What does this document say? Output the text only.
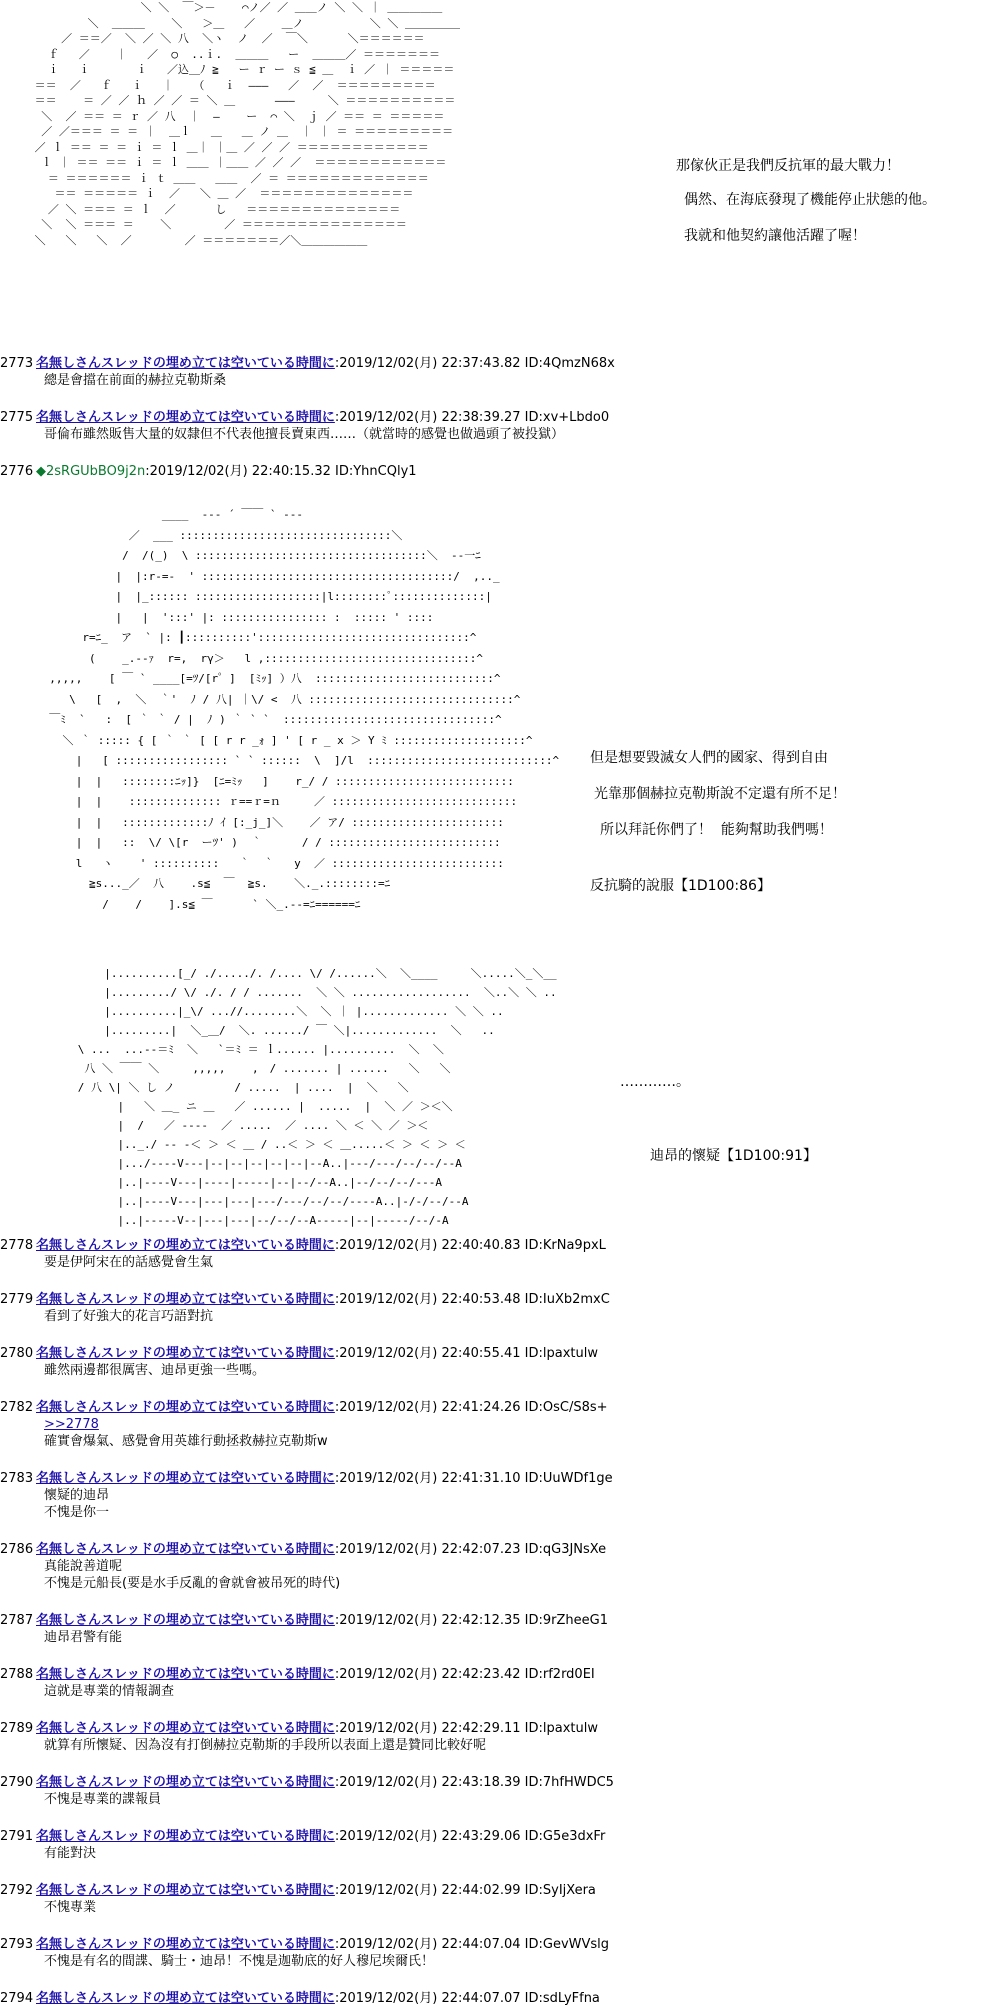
＼ ＼  ￣＞－    ⌒ノ／ ／ ＿＿ノ ＼ ＼ ｜ ＿＿＿＿＿
＼  ＿＿＿    ＼   ＞＿   ／    ＿ノ          ＼ ＼ ＿＿＿＿＿
／ ＝＝／  ＼ ／ ＼ 八  ＼ヽ  ノ  ／  ￣＼      ＼＝＝＝＝＝＝
ｆ   ／    ｜   ／  ○  ..ｉ.  ＿＿＿   ー  ＿＿＿／ ＝＝＝＝＝＝＝
ｉ   ｉ       ｉ   ／込＿ﾉ ≧   ー ｒ ー ｓ ≦ ＿  ｉ ／ ｜ ＝＝＝＝＝
＝＝  ／   ｆ   ｉ   ｜   （   ｉ  ―――   ／  ／  ＝＝＝＝＝＝＝＝＝
＝＝    ＝ ／ ／ ｈ ／ ／ ＝ ＼ ＿      ―――     ＼ ＝＝＝＝＝＝＝＝＝＝
＼  ／ ＝＝ ＝ ｒ ／ 八  ｜  ―    ー  ⌒ ＼  ｊ ／ ＝＝ ＝ ＝＝＝＝＝
／ ／＝＝＝ ＝ ＝ ｜  ＿ｌ   ＿   ＿ ノ ＿  ｜ ｜ ＝ ＝＝＝＝＝＝＝＝＝
／ ｌ ＝＝ ＝ ＝ ｉ ＝ ｌ ＿｜ ｜＿ ／ ／ ／ ＝＝＝＝＝＝＝＝＝＝＝＝
ｌ ｜ ＝＝ ＝＝ ｉ ＝ ｌ ＿＿ ｜＿＿ ／ ／ ／  ＝＝＝＝＝＝＝＝＝＝＝＝
＝ ＝＝＝＝＝＝ ｉ ｔ ＿＿   ＿＿  ／ ＝ ＝＝＝＝＝＝＝＝＝＝＝＝＝
＝＝ ＝＝＝＝＝ ｉ  ／   ＼ ＿ ／  ＝＝＝＝＝＝＝＝＝＝＝＝＝＝
／ ＼ ＝＝＝ ＝ ｌ  ／      し   ＝＝＝＝＝＝＝＝＝＝＝＝＝＝
＼  ＼ ＝＝＝ ＝    ＼        ／ ＝＝＝＝＝＝＝＝＝＝＝＝＝＝＝
＼   ＼   ＼  ／        ／ ＝＝＝＝＝＝＝／＼＿＿＿＿＿＿
那傢伙正是我們反抗軍的最大戰力！
偶然、在海底發現了機能停止狀態的他。
我就和他契約讓他活躍了喔！
2773 名無しさんスレッドの埋め立ては空いている時間に:2019/12/02(月) 22:37:43.82 ID:4QmzN68x
總是會擋在前面的赫拉克勒斯桑
2775 名無しさんスレッドの埋め立ては空いている時間に:2019/12/02(月) 22:38:39.27 ID:xv+Lbdo0
哥倫布雖然販售大量的奴隸但不代表他擅長賣東西……（就當時的感覺也做過頭了被投獄）
2776 ◆2sRGUbBO9j2n:2019/12/02(月) 22:40:15.32 ID:YhnCQly1
____  --- ´ ￣￣ ` ---
／  ___ ::::::::::::::::::::::::::::::::＼
/  /(_)  \ :::::::::::::::::::::::::::::::::::＼  --一ﾆ
|  |:r-=-  ' ::::::::::::::::::::::::::::::::::::::/  ,.._
|  |_:::::: :::::::::::::::::::|l::::::::ﾟ::::::::::::::|
|   |  ':::' |: :::::::::::::::: :  ::::: ' ::::
r=ﾆ_  ア  ` |: ┃::::::::::'::::::::::::::::::::::::::::::::^
(    _.--ｧ  r=,  rγ＞   l ,::::::::::::::::::::::::::::::::^
,,,,,    [ ￣ ` ____[=ﾂ/[r゜]  [ﾐｯ] ）八  :::::::::::::::::::::::::::^
\   [  ,  ＼  ｀'  ﾉ / 八| ｜\/ <  八 :::::::::::::::::::::::::::::::^
￣ﾐ  `   :  [ ｀ ｀ / |  ﾉ ) ｀ ` `  ::::::::::::::::::::::::::::::::^
＼ ｀ ::::: { [ ｀ ｀ [ [ r r _ｫ ] ' [ r _ x ＞ Y ﾐ ::::::::::::::::::::^
|   [ ::::::::::::::::: ` ` ::::::  \  ]/l  ::::::::::::::::::::::::::::^
|  |   ::::::::ﾆｯ]}  [ﾆ=ﾐｯ   ]    r_/ / :::::::::::::::::::::::::::
|  |    :::::::::::::: ｒ==ｒ=ｎ     ／ ::::::::::::::::::::::::::::
|  |   :::::::::::::ﾉ ｲ [:_j_]＼    ／ ア/ :::::::::::::::::::::::
|  |   ::  \/ \[r  ーﾂ' )  ｀      / / ::::::::::::::::::::::::::
l   ヽ    ' ::::::::::   ｀  ｀   y  ／ ::::::::::::::::::::::::::
≧s..._／  八    .s≦  ￣  ≧s.    ＼._.::::::::=ﾆ
/    /    ].s≦ ￣      ` ＼_.--=ﾆ======ﾆ
但是想要毀滅女人們的國家、得到自由
光靠那個赫拉克勒斯說不定還有所不足！
所以拜託你們了！  能夠幫助我們嗎！
反抗騎的說服【1D100:86】
|..........[_/ ./...../. /.... \/ /......＼  ＼____     ＼.....＼_＼__
|........./ \/ ./. / / .......  ＼ ＼ ..................  ＼..＼ ＼ ..
|..........|_\/ ...//........＼  ＼ ｜ |............. ＼ ＼ ..
|.........|  ＼_＿/  ＼. ....../ ￣ ＼|.............  ＼   ..
\ ...  ...--＝ﾐ  ＼   `＝ﾐ ＝ ｌ...... |..........  ＼  ＼
八 ＼ ￣￣ ＼     ,,,,,    ,　/ ....... | ......   ＼   ＼
/ 八 \| ＼ し ノ         / .....  | ....  |  ＼   ＼
|   ＼ ＿_ ニ ＿   ／ ...... |  .....  |  ＼ ／ ＞＜＼
|  /   ／ ----  ／ .....  ／ .... ＼ ＜ ＼ ／ ＞＜
|.._./ -- -＜ ＞ ＜ ＿ / ..＜ ＞ ＜ ＿.....＜ ＞ ＜ ＞ ＜
|.../----V---|--|--|--|--|--|--A..|---/---/--/--/--A
|..|----V---|----|-----|--|--/--A..|--/--/--/---A
|..|----V---|---|---|---/---/--/--/----A..|-/-/--/--A
|..|-----V--|---|---|--/--/--A-----|--|-----/--/-A
…………。
迪昂的懷疑【1D100:91】
2778 名無しさんスレッドの埋め立ては空いている時間に:2019/12/02(月) 22:40:40.83 ID:KrNa9pxL
要是伊阿宋在的話感覺會生氣
2779 名無しさんスレッドの埋め立ては空いている時間に:2019/12/02(月) 22:40:53.48 ID:IuXb2mxC
看到了好強大的花言巧語對抗
2780 名無しさんスレッドの埋め立ては空いている時間に:2019/12/02(月) 22:40:55.41 ID:lpaxtulw
雖然兩邊都很厲害、迪昂更強一些嗎。
2782 名無しさんスレッドの埋め立ては空いている時間に:2019/12/02(月) 22:41:24.26 ID:OsC/S8s+
>>2778
確實會爆氣、感覺會用英雄行動拯救赫拉克勒斯w
2783 名無しさんスレッドの埋め立ては空いている時間に:2019/12/02(月) 22:41:31.10 ID:UuWDf1ge
懷疑的迪昂
不愧是你一
2786 名無しさんスレッドの埋め立ては空いている時間に:2019/12/02(月) 22:42:07.23 ID:qG3JNsXe
真能說善道呢
不愧是元船長(要是水手反亂的會就會被吊死的時代)
2787 名無しさんスレッドの埋め立ては空いている時間に:2019/12/02(月) 22:42:12.35 ID:9rZheeG1
迪昂君警有能
2788 名無しさんスレッドの埋め立ては空いている時間に:2019/12/02(月) 22:42:23.42 ID:rf2rd0EI
這就是專業的情報調查
2789 名無しさんスレッドの埋め立ては空いている時間に:2019/12/02(月) 22:42:29.11 ID:lpaxtulw
就算有所懷疑、因為沒有打倒赫拉克勒斯的手段所以表面上還是贊同比較好呢
2790 名無しさんスレッドの埋め立ては空いている時間に:2019/12/02(月) 22:43:18.39 ID:7hfHWDC5
不愧是專業的諜報員
2791 名無しさんスレッドの埋め立ては空いている時間に:2019/12/02(月) 22:43:29.06 ID:G5e3dxFr
有能對決
2792 名無しさんスレッドの埋め立ては空いている時間に:2019/12/02(月) 22:44:02.99 ID:SyIjXera
不愧專業
2793 名無しさんスレッドの埋め立ては空いている時間に:2019/12/02(月) 22:44:07.04 ID:GevWVslg
不愧是有名的間諜、騎士・迪昂！不愧是迦勒底的好人穆尼埃爾氏！
2794 名無しさんスレッドの埋め立ては空いている時間に:2019/12/02(月) 22:44:07.07 ID:sdLyFfna
